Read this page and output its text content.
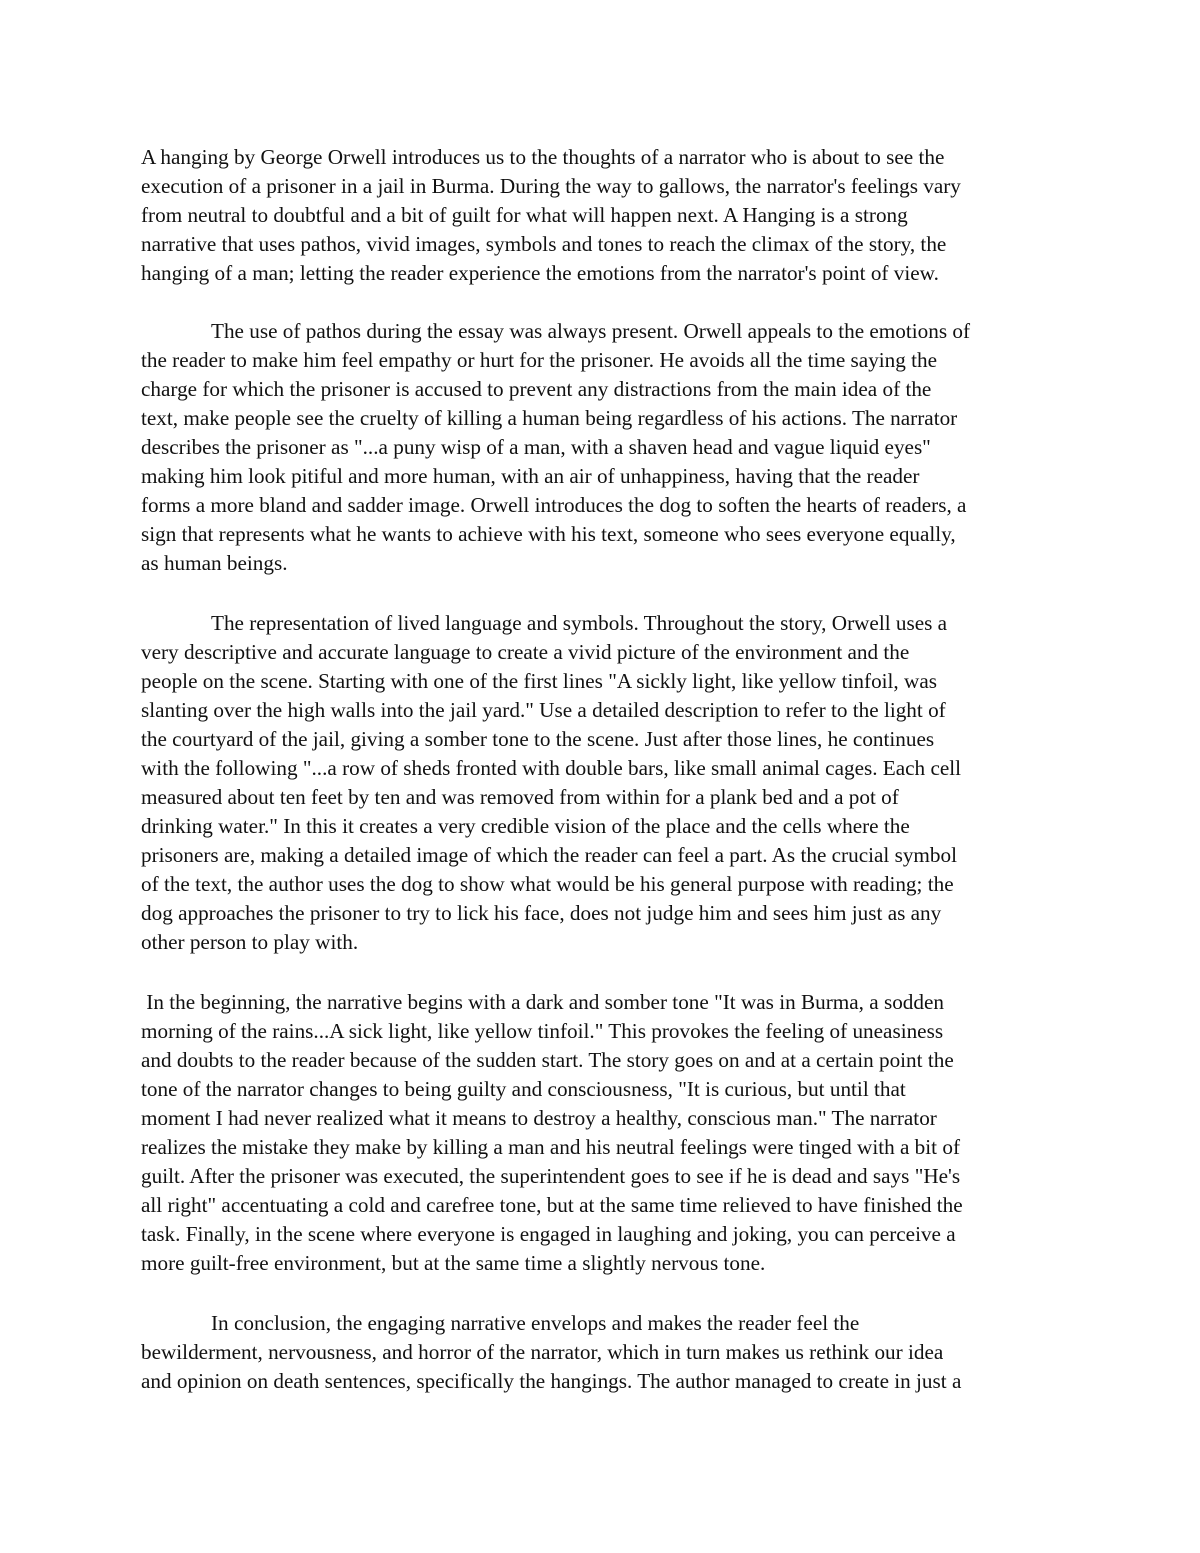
A hanging by George Orwell introduces us to the thoughts of a narrator who is about to see the

execution of a prisoner in a jail in Burma. During the way to gallows, the narrator's feelings vary

from neutral to doubtful and a bit of guilt for what will happen next. A Hanging is a strong

narrative that uses pathos, vivid images, symbols and tones to reach the climax of the story, the

hanging of a man; letting the reader experience the emotions from the narrator's point of view.

The use of pathos during the essay was always present. Orwell appeals to the emotions of

the reader to make him feel empathy or hurt for the prisoner. He avoids all the time saying the

charge for which the prisoner is accused to prevent any distractions from the main idea of the

text, make people see the cruelty of killing a human being regardless of his actions. The narrator

describes the prisoner as "...a puny wisp of a man, with a shaven head and vague liquid eyes"

making him look pitiful and more human, with an air of unhappiness, having that the reader

forms a more bland and sadder image. Orwell introduces the dog to soften the hearts of readers, a

sign that represents what he wants to achieve with his text, someone who sees everyone equally,

as human beings.

The representation of lived language and symbols. Throughout the story, Orwell uses a

very descriptive and accurate language to create a vivid picture of the environment and the

people on the scene. Starting with one of the first lines "A sickly light, like yellow tinfoil, was

slanting over the high walls into the jail yard." Use a detailed description to refer to the light of

the courtyard of the jail, giving a somber tone to the scene. Just after those lines, he continues

with the following "...a row of sheds fronted with double bars, like small animal cages. Each cell

measured about ten feet by ten and was removed from within for a plank bed and a pot of

drinking water." In this it creates a very credible vision of the place and the cells where the

prisoners are, making a detailed image of which the reader can feel a part. As the crucial symbol

of the text, the author uses the dog to show what would be his general purpose with reading; the

dog approaches the prisoner to try to lick his face, does not judge him and sees him just as any

other person to play with.

In the beginning, the narrative begins with a dark and somber tone "It was in Burma, a sodden

morning of the rains...A sick light, like yellow tinfoil." This provokes the feeling of uneasiness

and doubts to the reader because of the sudden start. The story goes on and at a certain point the

tone of the narrator changes to being guilty and consciousness, "It is curious, but until that

moment I had never realized what it means to destroy a healthy, conscious man." The narrator

realizes the mistake they make by killing a man and his neutral feelings were tinged with a bit of

guilt. After the prisoner was executed, the superintendent goes to see if he is dead and says "He's

all right" accentuating a cold and carefree tone, but at the same time relieved to have finished the

task. Finally, in the scene where everyone is engaged in laughing and joking, you can perceive a

more guilt-free environment, but at the same time a slightly nervous tone.

In conclusion, the engaging narrative envelops and makes the reader feel the

bewilderment, nervousness, and horror of the narrator, which in turn makes us rethink our idea

and opinion on death sentences, specifically the hangings. The author managed to create in just a
